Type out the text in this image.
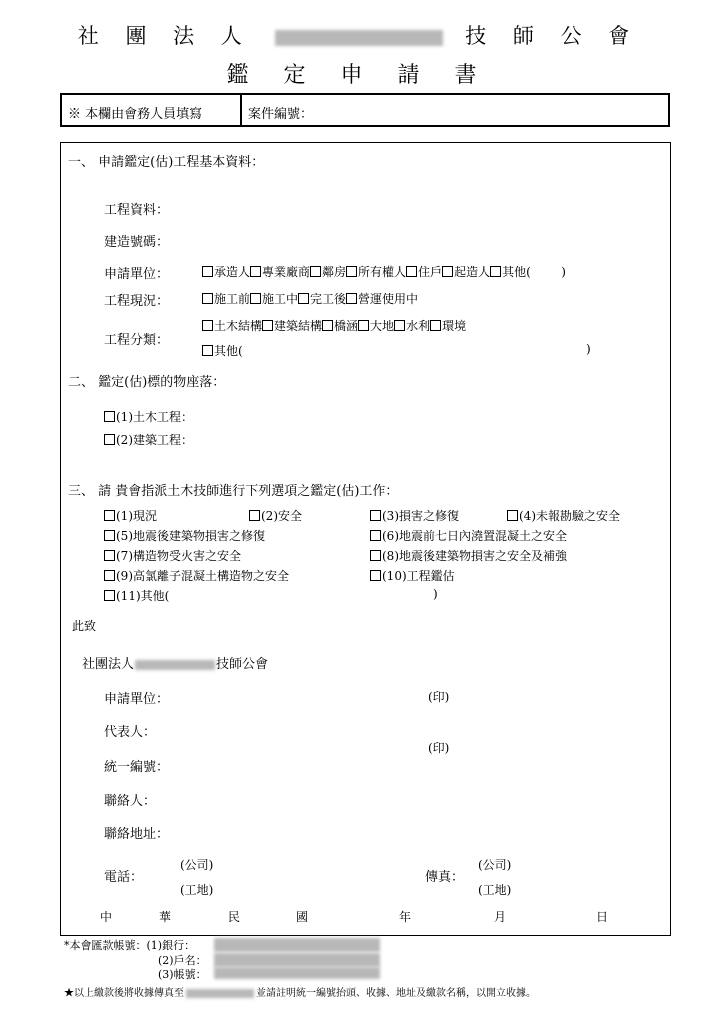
社 團 法 人	技 師 公 會
鑑 定 申 請 書
※ 本欄由會務人員填寫	案件編號：
一、 申請鑑定(估)工程基本資料：
工程資料：
建造號碼：
申請單位：	承造人 專業廠商 鄰房 所有權人 住戶 起造人 其他(        )
工程現況：	施工前 施工中 完工後 營運使用中
工程分類：
土木結構 建築結構 橋涵 大地 水利 環境
其他(	)
二、 鑑定(估)標的物座落：
(1)土木工程：
(2)建築工程：
三、 請 貴會指派土木技師進行下列選項之鑑定(估)工作：
(1)現況	(2)安全	(3)損害之修復	(4)未報勘驗之安全
(5)地震後建築物損害之修復	(6)地震前七日內澆置混凝土之安全
(7)構造物受火害之安全	(8)地震後建築物損害之安全及補強
(9)高氯離子混凝土構造物之安全	(10)工程鑑估
(11)其他(	)
此致
社團法人	技師公會
申請單位：	(印)
代表人：
(印)
統一編號：
聯絡人：
聯絡地址：
電話：
(公司)
(工地)
傳真：
(公司)
(工地)
中	華	民	國	年	月	日
*本會匯款帳號：(1)銀行：
(2)戶名：
(3)帳號：
★以上繳款後將收據傳真至	並請註明統一編號抬頭、收據、地址及繳款名稱，以開立收據。
